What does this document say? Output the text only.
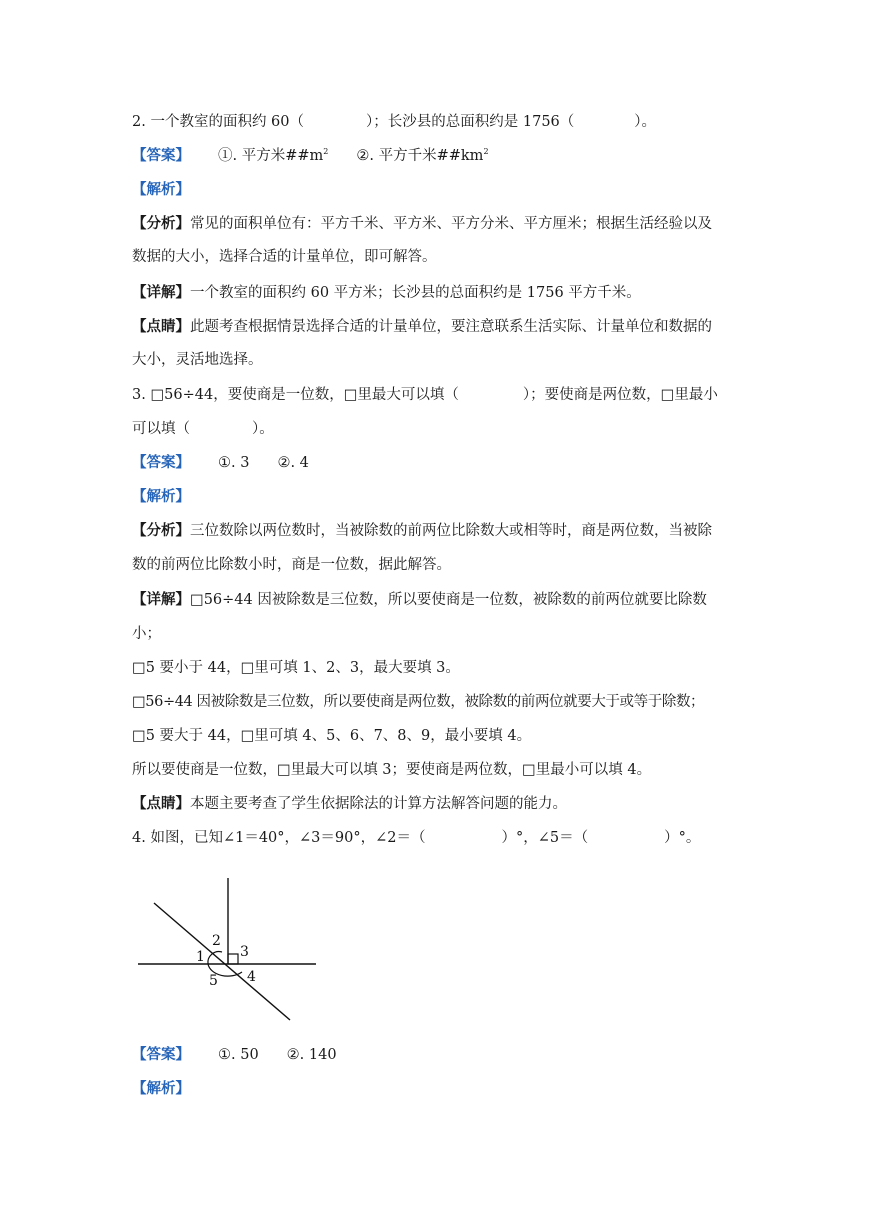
2. 一个教室的面积约 60（	）；长沙县的总面积约是 1756（	）。
【答案】 ①. 平方米$\#\#m^2$ ②. 平方千米$\#\#km^2$
【解析】
【分析】常见的面积单位有：平方千米、平方米、平方分米、平方厘米；根据生活经验以及
数据的大小，选择合适的计量单位，即可解答。
【详解】一个教室的面积约 60 平方米；长沙县的总面积约是 1756 平方千米。
【点睛】此题考查根据情景选择合适的计量单位，要注意联系生活实际、计量单位和数据的
大小，灵活地选择。
3. □56÷44，要使商是一位数，□里最大可以填（	）；要使商是两位数，□里最小
可以填（	）。
【答案】 ①. 3 ②. 4
【解析】
【分析】三位数除以两位数时，当被除数的前两位比除数大或相等时，商是两位数，当被除
数的前两位比除数小时，商是一位数，据此解答。
【详解】□56÷44 因被除数是三位数，所以要使商是一位数，被除数的前两位就要比除数
小；
□5 要小于 44，□里可填 1、2、3，最大要填 3。
□56÷44 因被除数是三位数，所以要使商是两位数，被除数的前两位就要大于或等于除数；
□5 要大于 44，□里可填 4、5、6、7、8、9，最小要填 4。
所以要使商是一位数，□里最大可以填 3；要使商是两位数，□里最小可以填 4。
【点睛】本题主要考查了学生依据除法的计算方法解答问题的能力。
4. 如图，已知∠1＝40°，∠3＝90°，∠2＝（	）°，∠5＝（	）°。
2
3
1
4
5
【答案】 ①. 50 ②. 140
【解析】
